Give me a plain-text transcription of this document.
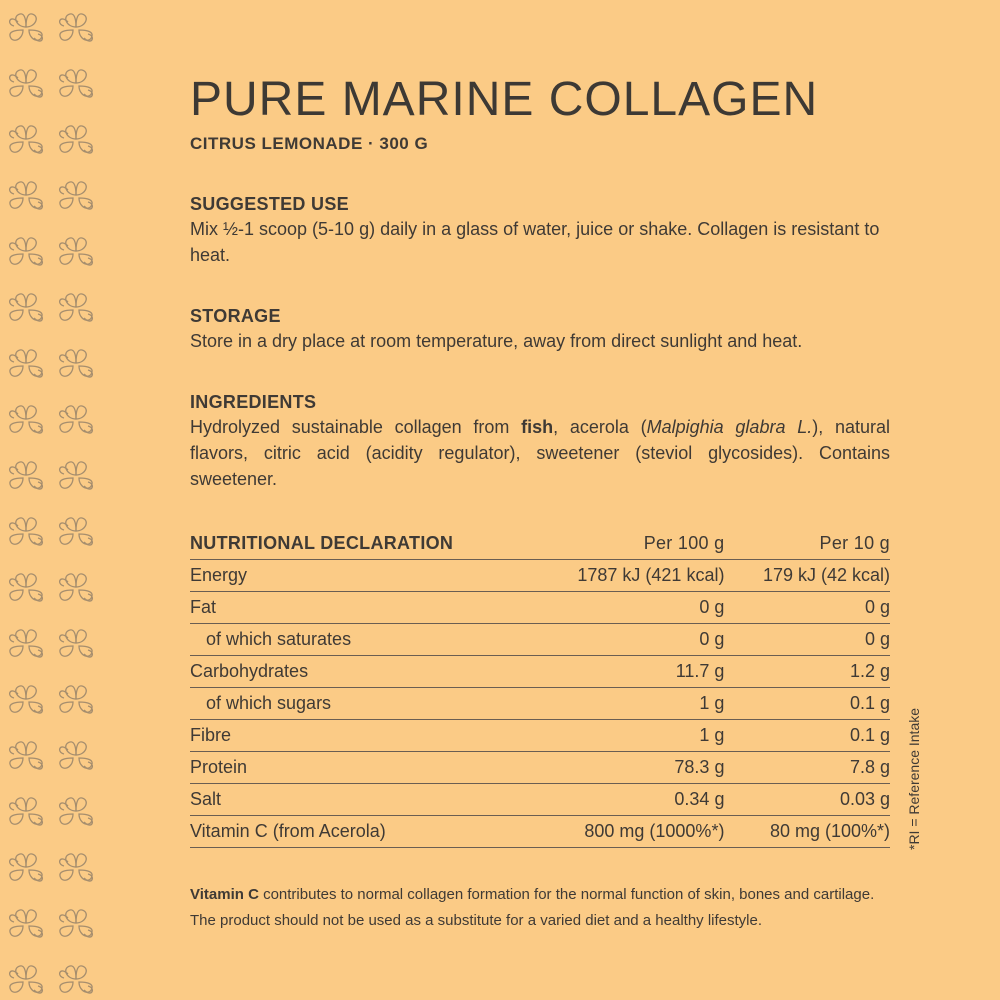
PURE MARINE COLLAGEN
CITRUS LEMONADE · 300 G
SUGGESTED USE
Mix ½-1 scoop (5-10 g) daily in a glass of water, juice or shake. Collagen is resistant to heat.
STORAGE
Store in a dry place at room temperature, away from direct sunlight and heat.
INGREDIENTS
Hydrolyzed sustainable collagen from fish, acerola (Malpighia glabra L.), natural flavors, citric acid (acidity regulator), sweetener (steviol glycosides). Contains sweetener.
NUTRITIONAL DECLARATION	Per 100 g	Per 10 g
Energy	1787 kJ (421 kcal)	179 kJ (42 kcal)
Fat	0 g	0 g
of which saturates	0 g	0 g
Carbohydrates	11.7 g	1.2 g
of which sugars	1 g	0.1 g
Fibre	1 g	0.1 g
Protein	78.3 g	7.8 g
Salt	0.34 g	0.03 g
Vitamin C (from Acerola)	800 mg (1000%*)	80 mg (100%*)
Vitamin C contributes to normal collagen formation for the normal function of skin, bones and cartilage. The product should not be used as a substitute for a varied diet and a healthy lifestyle.
*RI = Reference Intake
